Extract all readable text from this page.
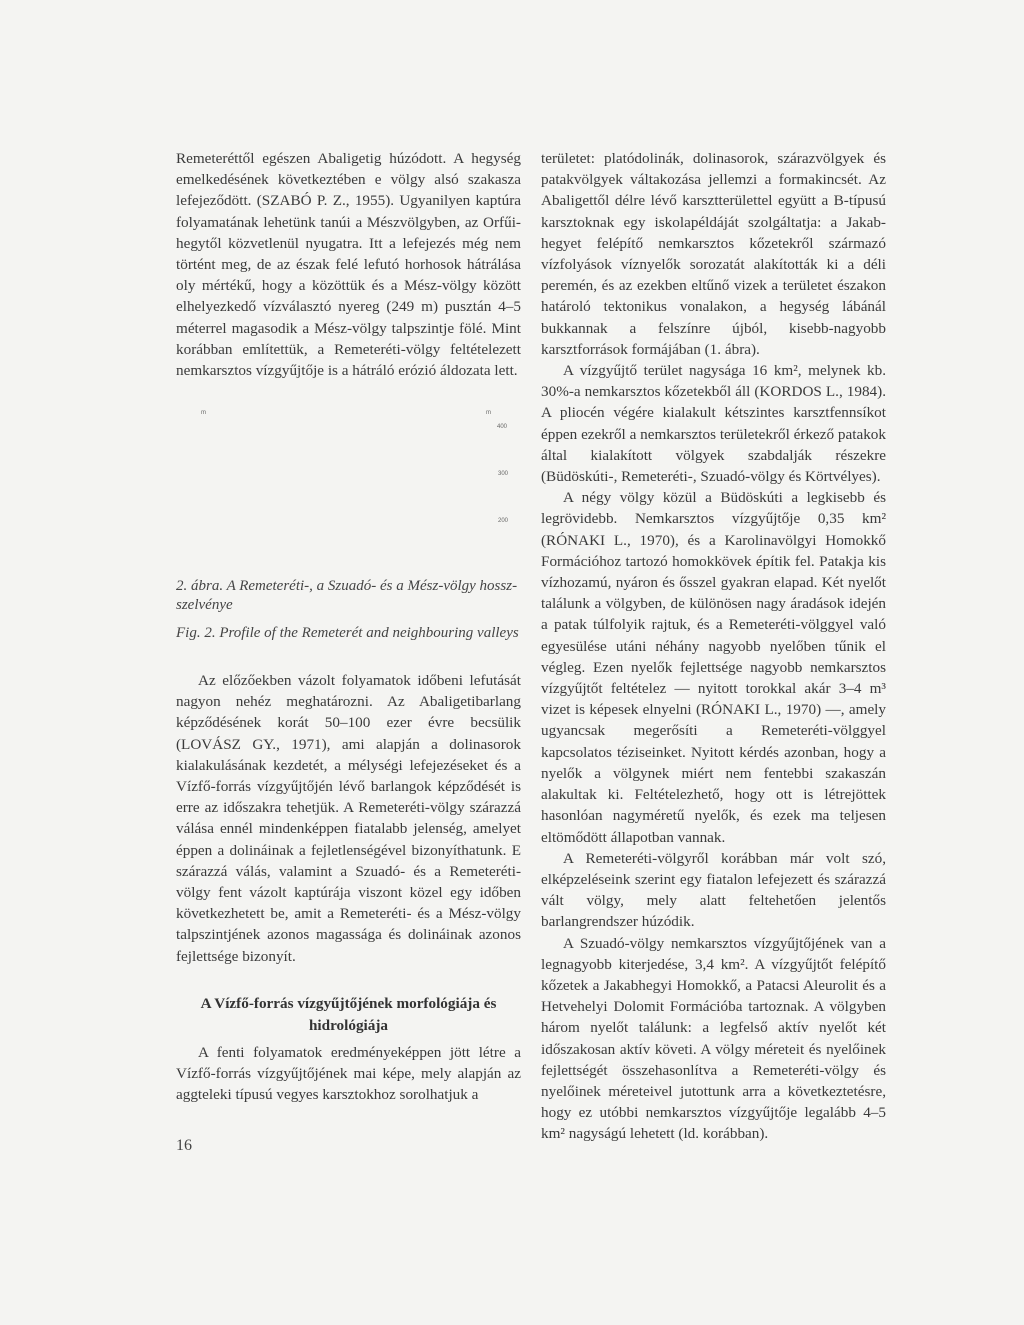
Remeteréttől egészen Abaligetig húzódott. A hegység emelkedésének következtében e völgy alsó szakasza lefejeződött. (SZABÓ P. Z., 1955). Ugyanilyen kaptúra folyamatának lehetünk tanúi a Mészvölgyben, az Orfűi-hegytől közvetlenül nyugatra. Itt a lefejezés még nem történt meg, de az észak felé lefutó horhosok hátrálása oly mértékű, hogy a közöttük és a Mész-völgy között elhelyezkedő vízválasztó nyereg (249 m) pusztán 4–5 méterrel magasodik a Mész-völgy talpszintje fölé. Mint korábban említettük, a Remeteréti-völgy feltételezett nemkarsztos vízgyűjtője is a hátráló erózió áldozata lett.

m	m
400
300
200

2. ábra. A Remeteréti-, a Szuadó- és a Mész-völgy hossz-szelvénye

Fig. 2. Profile of the Remeterét and neighbouring valleys

Az előzőekben vázolt folyamatok időbeni lefutását nagyon nehéz meghatározni. Az Abaligetibarlang képződésének korát 50–100 ezer évre becsülik (LOVÁSZ GY., 1971), ami alapján a dolinasorok kialakulásának kezdetét, a mélységi lefejezéseket és a Vízfő-forrás vízgyűjtőjén lévő barlangok képződését is erre az időszakra tehetjük. A Remeteréti-völgy szárazzá válása ennél mindenképpen fiatalabb jelenség, amelyet éppen a dolináinak a fejletlenségével bizonyíthatunk. E szárazzá válás, valamint a Szuadó- és a Remeteréti-völgy fent vázolt kaptúrája viszont közel egy időben következhetett be, amit a Remeteréti- és a Mész-völgy talpszintjének azonos magassága és dolináinak azonos fejlettsége bizonyít.

A Vízfő-forrás vízgyűjtőjének morfológiája és hidrológiája

A fenti folyamatok eredményeképpen jött létre a Vízfő-forrás vízgyűjtőjének mai képe, mely alapján az aggteleki típusú vegyes karsztokhoz sorolhatjuk a

területet: platódolinák, dolinasorok, szárazvölgyek és patakvölgyek váltakozása jellemzi a formakincsét. Az Abaligettől délre lévő karsztterülettel együtt a B-típusú karsztoknak egy iskolapéldáját szolgáltatja: a Jakab-hegyet felépítő nemkarsztos kőzetekről származó vízfolyások víznyelők sorozatát alakították ki a déli peremén, és az ezekben eltűnő vizek a területet északon határoló tektonikus vonalakon, a hegység lábánál bukkannak a felszínre újból, kisebb-nagyobb karsztforrások formájában (1. ábra).

A vízgyűjtő terület nagysága 16 km², melynek kb. 30%-a nemkarsztos kőzetekből áll (KORDOS L., 1984). A pliocén végére kialakult kétszintes karsztfennsíkot éppen ezekről a nemkarsztos területekről érkező patakok által kialakított völgyek szabdalják részekre (Büdöskúti-, Remeteréti-, Szuadó-völgy és Körtvélyes).

A négy völgy közül a Büdöskúti a legkisebb és legrövidebb. Nemkarsztos vízgyűjtője 0,35 km² (RÓNAKI L., 1970), és a Karolinavölgyi Homokkő Formációhoz tartozó homokkövek építik fel. Patakja kis vízhozamú, nyáron és ősszel gyakran elapad. Két nyelőt találunk a völgyben, de különösen nagy áradások idején a patak túlfolyik rajtuk, és a Remeteréti-völggyel való egyesülése utáni néhány nagyobb nyelőben tűnik el végleg. Ezen nyelők fejlettsége nagyobb nemkarsztos vízgyűjtőt feltételez — nyitott torokkal akár 3–4 m³ vizet is képesek elnyelni (RÓNAKI L., 1970) —, amely ugyancsak megerősíti a Remeteréti-völggyel kapcsolatos téziseinket. Nyitott kérdés azonban, hogy a nyelők a völgynek miért nem fentebbi szakaszán alakultak ki. Feltételezhető, hogy ott is létrejöttek hasonlóan nagyméretű nyelők, és ezek ma teljesen eltömődött állapotban vannak.

A Remeteréti-völgyről korábban már volt szó, elképzeléseink szerint egy fiatalon lefejezett és szárazzá vált völgy, mely alatt feltehetően jelentős barlangrendszer húzódik.

A Szuadó-völgy nemkarsztos vízgyűjtőjének van a legnagyobb kiterjedése, 3,4 km². A vízgyűjtőt felépítő kőzetek a Jakabhegyi Homokkő, a Patacsi Aleurolit és a Hetvehelyi Dolomit Formációba tartoznak. A völgyben három nyelőt találunk: a legfelső aktív nyelőt két időszakosan aktív követi. A völgy méreteit és nyelőinek fejlettségét összehasonlítva a Remeteréti-völgy és nyelőinek méreteivel jutottunk arra a következtetésre, hogy ez utóbbi nemkarsztos vízgyűjtője legalább 4–5 km² nagyságú lehetett (ld. korábban).

16
